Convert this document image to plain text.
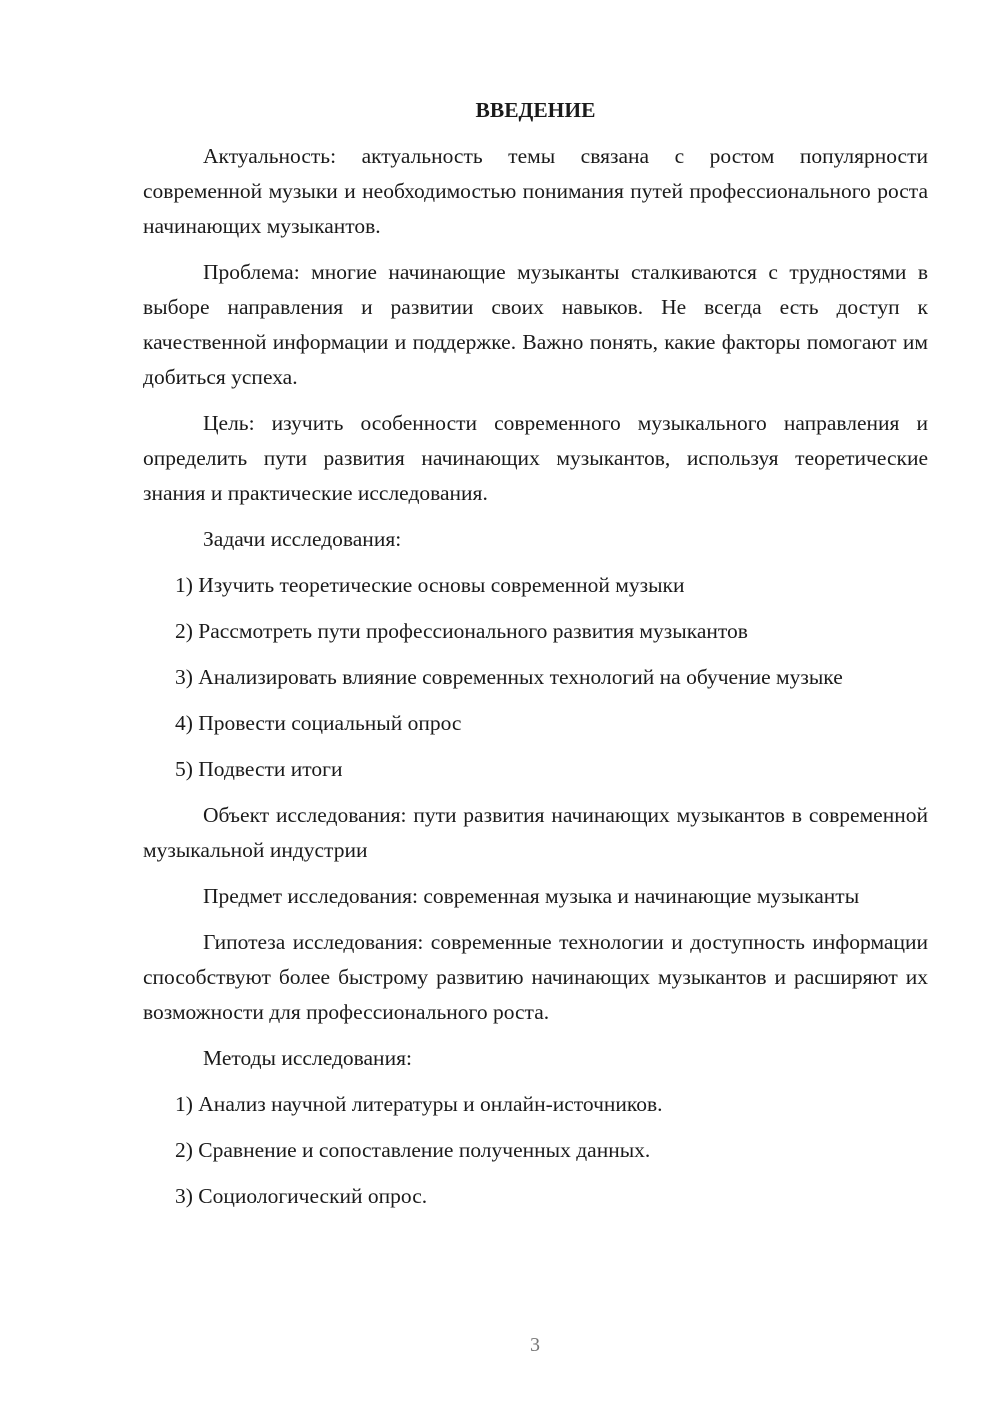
ВВЕДЕНИЕ

Актуальность: актуальность темы связана с ростом популярности современной музыки и необходимостью понимания путей профессионального роста начинающих музыкантов.

Проблема: многие начинающие музыканты сталкиваются с трудностями в выборе направления и развитии своих навыков. Не всегда есть доступ к качественной информации и поддержке. Важно понять, какие факторы помогают им добиться успеха.

Цель: изучить особенности современного музыкального направления и определить пути развития начинающих музыкантов, используя теоретические знания и практические исследования.

Задачи исследования:

1) Изучить теоретические основы современной музыки

2) Рассмотреть пути профессионального развития музыкантов

3) Анализировать влияние современных технологий на обучение музыке

4) Провести социальный опрос

5) Подвести итоги

Объект исследования: пути развития начинающих музыкантов в современной музыкальной индустрии

Предмет исследования: современная музыка и начинающие музыканты

Гипотеза исследования: современные технологии и доступность информации способствуют более быстрому развитию начинающих музыкантов и расширяют их возможности для профессионального роста.

Методы исследования:

1) Анализ научной литературы и онлайн-источников.

2) Сравнение и сопоставление полученных данных.

3) Социологический опрос.

3
